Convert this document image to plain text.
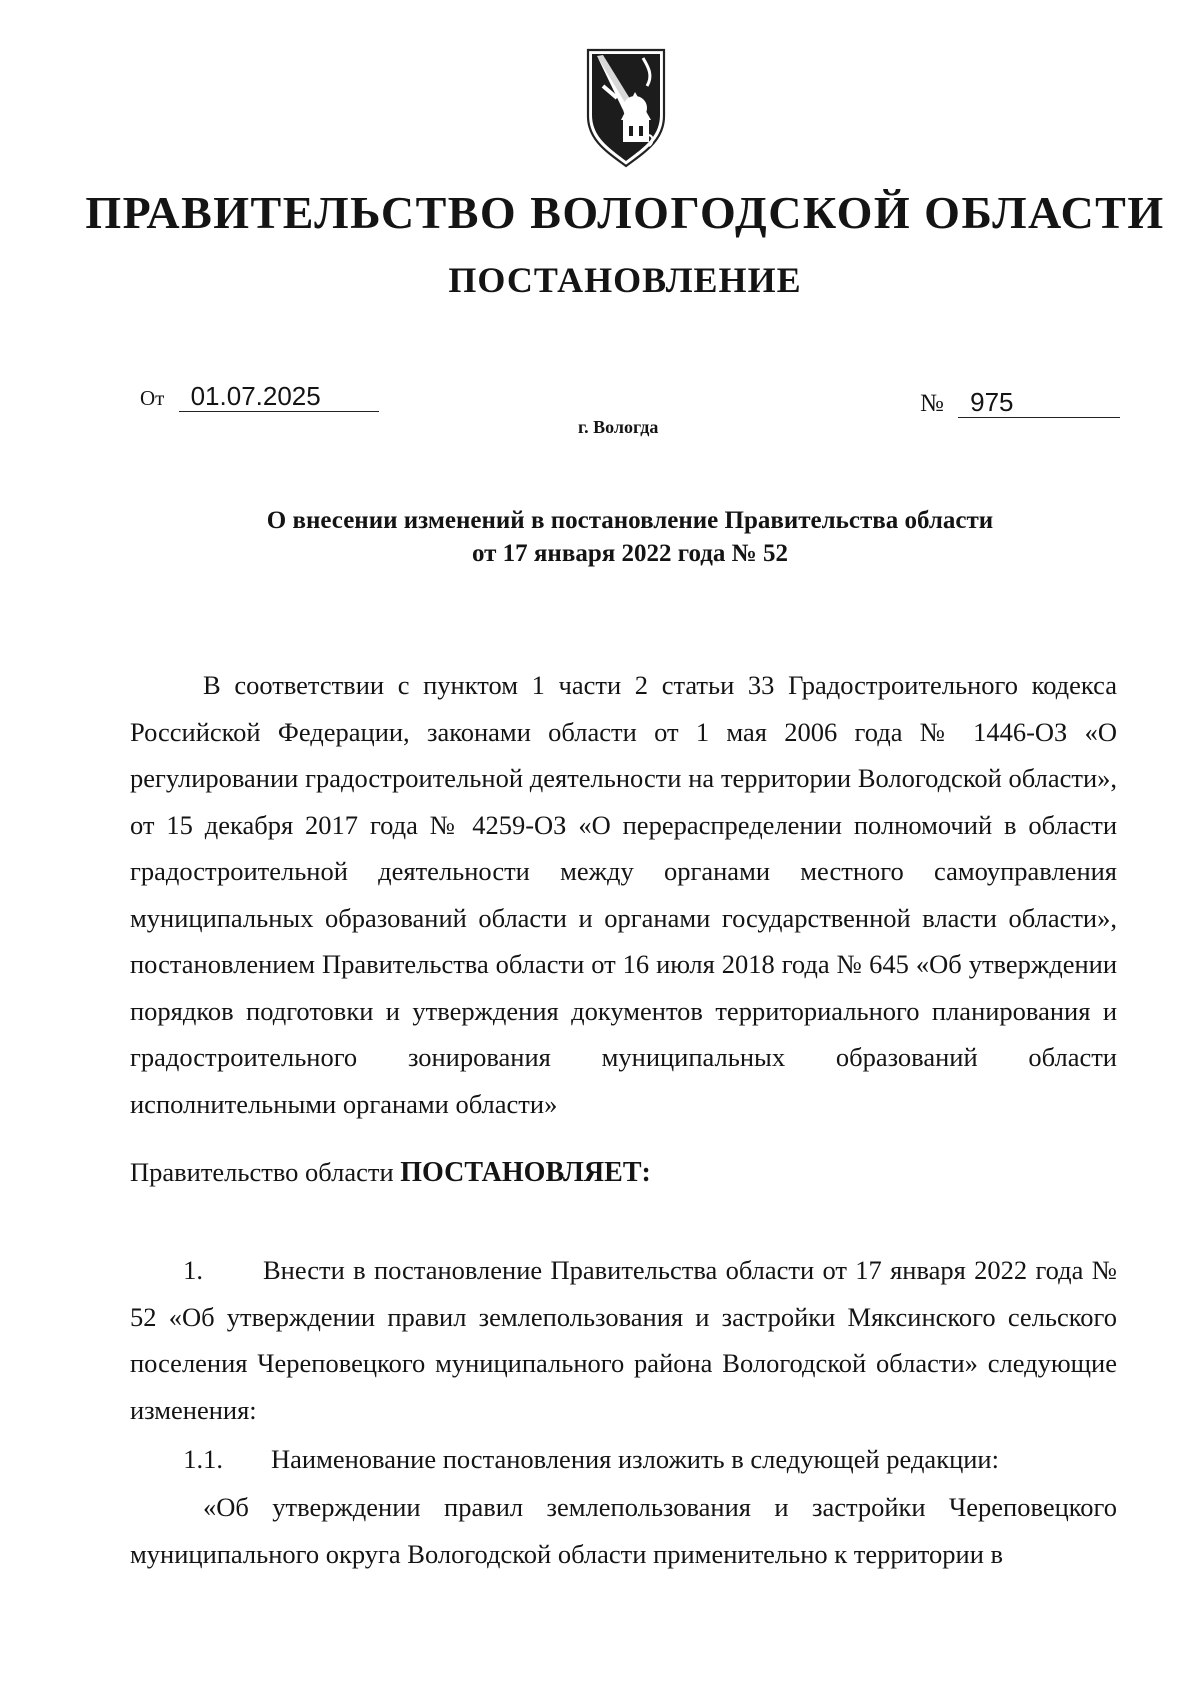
ПРАВИТЕЛЬСТВО ВОЛОГОДСКОЙ ОБЛАСТИ
ПОСТАНОВЛЕНИЕ
От 01.07.2025	№ 975
г. Вологда

О внесении изменений в постановление Правительства области
от 17 января 2022 года № 52

В соответствии с пунктом 1 части 2 статьи 33 Градостроительного кодекса Российской Федерации, законами области от 1 мая 2006 года № 1446-ОЗ «О регулировании градостроительной деятельности на территории Вологодской области», от 15 декабря 2017 года № 4259-ОЗ «О перераспределении полномочий в области градостроительной деятельности между органами местного самоуправления муниципальных образований области и органами государственной власти области», постановлением Правительства области от 16 июля 2018 года № 645 «Об утверждении порядков подготовки и утверждения документов территориального планирования и градостроительного зонирования муниципальных образований области исполнительными органами области»

Правительство области ПОСТАНОВЛЯЕТ:

1. Внести в постановление Правительства области от 17 января 2022 года № 52 «Об утверждении правил землепользования и застройки Мяксинского сельского поселения Череповецкого муниципального района Вологодской области» следующие изменения:

1.1. Наименование постановления изложить в следующей редакции:

«Об утверждении правил землепользования и застройки Череповецкого муниципального округа Вологодской области применительно к территории в
